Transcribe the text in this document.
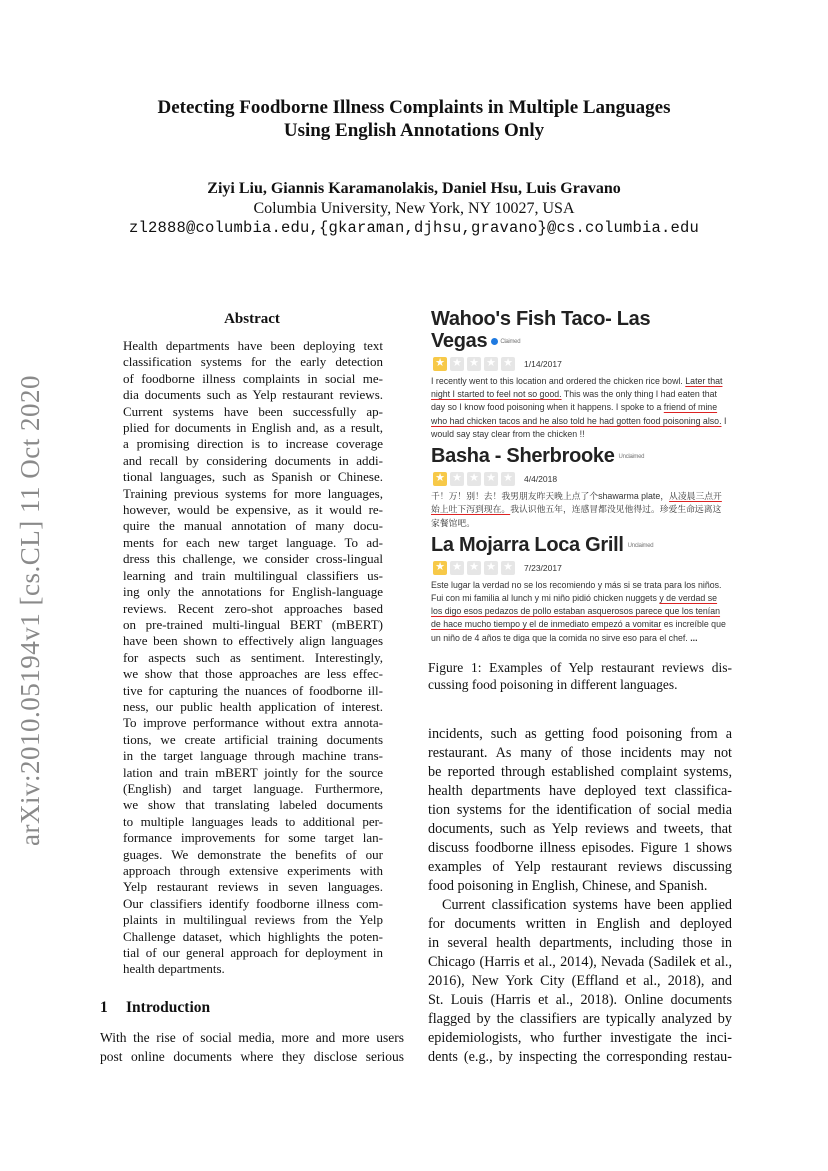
arXiv:2010.05194v1 [cs.CL] 11 Oct 2020
Detecting Foodborne Illness Complaints in Multiple Languages
Using English Annotations Only
Ziyi Liu, Giannis Karamanolakis, Daniel Hsu, Luis Gravano
Columbia University, New York, NY 10027, USA
zl2888@columbia.edu,{gkaraman,djhsu,gravano}@cs.columbia.edu
Abstract
Health departments have been deploying text
classification systems for the early detection
of foodborne illness complaints in social me-
dia documents such as Yelp restaurant reviews.
Current systems have been successfully ap-
plied for documents in English and, as a result,
a promising direction is to increase coverage
and recall by considering documents in addi-
tional languages, such as Spanish or Chinese.
Training previous systems for more languages,
however, would be expensive, as it would re-
quire the manual annotation of many docu-
ments for each new target language. To ad-
dress this challenge, we consider cross-lingual
learning and train multilingual classifiers us-
ing only the annotations for English-language
reviews. Recent zero-shot approaches based
on pre-trained multi-lingual BERT (mBERT)
have been shown to effectively align languages
for aspects such as sentiment. Interestingly,
we show that those approaches are less effec-
tive for capturing the nuances of foodborne ill-
ness, our public health application of interest.
To improve performance without extra annota-
tions, we create artificial training documents
in the target language through machine trans-
lation and train mBERT jointly for the source
(English) and target language. Furthermore,
we show that translating labeled documents
to multiple languages leads to additional per-
formance improvements for some target lan-
guages. We demonstrate the benefits of our
approach through extensive experiments with
Yelp restaurant reviews in seven languages.
Our classifiers identify foodborne illness com-
plaints in multilingual reviews from the Yelp
Challenge dataset, which highlights the poten-
tial of our general approach for deployment in
health departments.
1 Introduction
With the rise of social media, more and more users
post online documents where they disclose serious
Wahoo's Fish Taco- Las
Vegas Claimed
★
★
★
★
★
1/14/2017
I recently went to this location and ordered the chicken rice bowl. Later that night I started to feel not so good. This was the only thing I had eaten that day so I know food poisoning when it happens. I spoke to a friend of mine who had chicken tacos and he also told he had gotten food poisoning also. I would say stay clear from the chicken !!
Basha - Sherbrooke Unclaimed
★
★
★
★
★
4/4/2018
千！万！别！去！我男朋友昨天晚上点了个shawarma plate，从凌晨三点开始上吐下泻到现在。我认识他五年，连感冒都没见他得过。珍爱生命远离这家餐馆吧。
La Mojarra Loca Grill Unclaimed
★
★
★
★
★
7/23/2017
Este lugar la verdad no se los recomiendo y más si se trata para los niños. Fui con mi familia al lunch y mi niño pidió chicken nuggets y de verdad se los digo esos pedazos de pollo estaban asquerosos parece que los tenían de hace mucho tiempo y el de inmediato empezó a vomitar es increíble que un niño de 4 años te diga que la comida no sirve eso para el chef. ...
Figure 1: Examples of Yelp restaurant reviews dis-
cussing food poisoning in different languages.
incidents, such as getting food poisoning from a
restaurant. As many of those incidents may not
be reported through established complaint systems,
health departments have deployed text classifica-
tion systems for the identification of social media
documents, such as Yelp reviews and tweets, that
discuss foodborne illness episodes. Figure 1 shows
examples of Yelp restaurant reviews discussing
food poisoning in English, Chinese, and Spanish.
Current classification systems have been applied
for documents written in English and deployed
in several health departments, including those in
Chicago (Harris et al., 2014), Nevada (Sadilek et al.,
2016), New York City (Effland et al., 2018), and
St. Louis (Harris et al., 2018). Online documents
flagged by the classifiers are typically analyzed by
epidemiologists, who further investigate the inci-
dents (e.g., by inspecting the corresponding restau-
